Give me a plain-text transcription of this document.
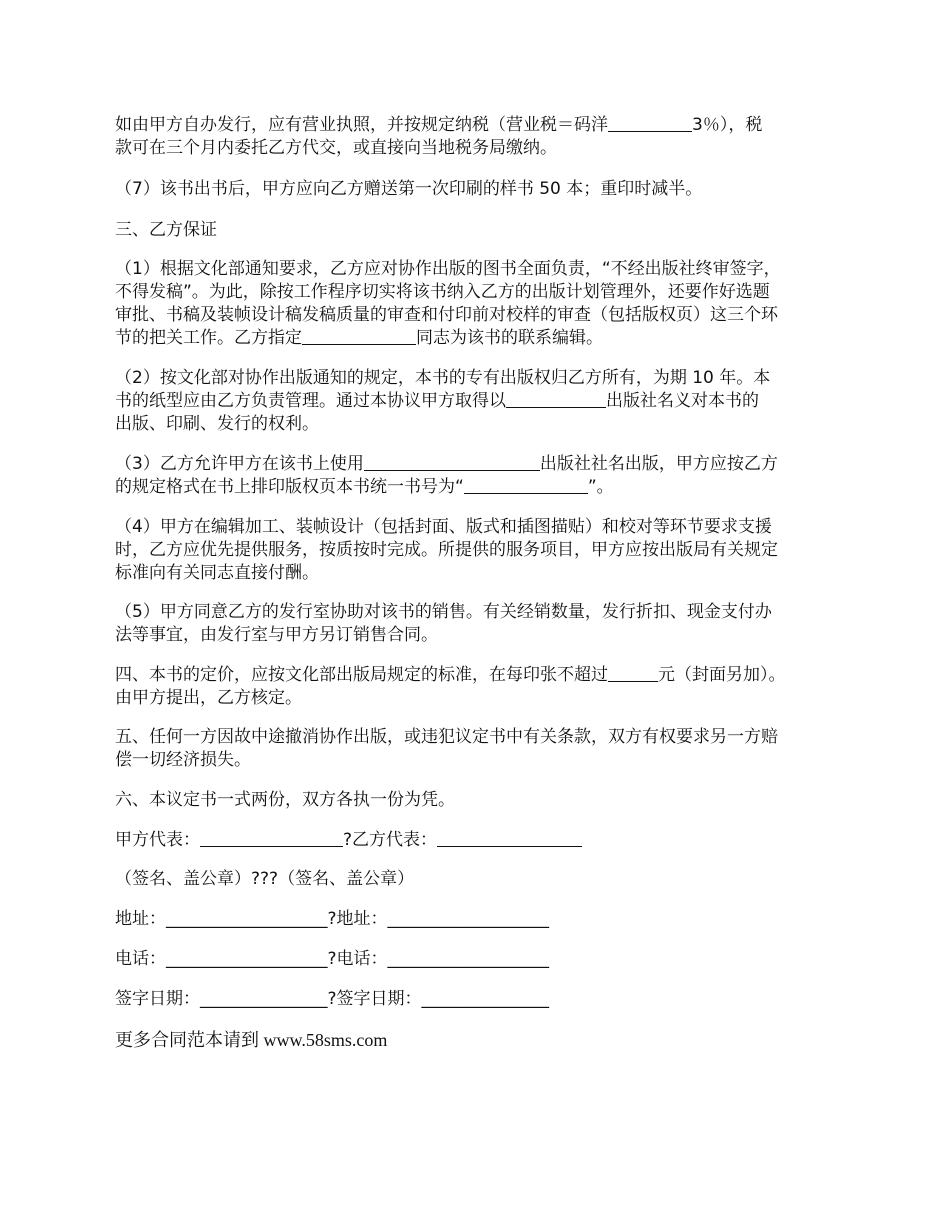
如由甲方自办发行，应有营业执照，并按规定纳税（营业税＝码洋	3％），税
款可在三个月内委托乙方代交，或直接向当地税务局缴纳。
（7）该书出书后，甲方应向乙方赠送第一次印刷的样书 50 本；重印时减半。
三、乙方保证
（1）根据文化部通知要求，乙方应对协作出版的图书全面负责，“不经出版社终审签字，
不得发稿”。为此，除按工作程序切实将该书纳入乙方的出版计划管理外，还要作好选题
审批、书稿及装帧设计稿发稿质量的审查和付印前对校样的审查（包括版权页）这三个环
节的把关工作。乙方指定	同志为该书的联系编辑。
（2）按文化部对协作出版通知的规定，本书的专有出版权归乙方所有，为期 10 年。本
书的纸型应由乙方负责管理。通过本协议甲方取得以	出版社名义对本书的
出版、印刷、发行的权利。
（3）乙方允许甲方在该书上使用	出版社社名出版，甲方应按乙方
的规定格式在书上排印版权页本书统一书号为“	”。
（4）甲方在编辑加工、装帧设计（包括封面、版式和插图描贴）和校对等环节要求支援
时，乙方应优先提供服务，按质按时完成。所提供的服务项目，甲方应按出版局有关规定
标准向有关同志直接付酬。
（5）甲方同意乙方的发行室协助对该书的销售。有关经销数量，发行折扣、现金支付办
法等事宜，由发行室与甲方另订销售合同。
四、本书的定价，应按文化部出版局规定的标准，在每印张不超过	元（封面另加）。
由甲方提出，乙方核定。
五、任何一方因故中途撤消协作出版，或违犯议定书中有关条款，双方有权要求另一方赔
偿一切经济损失。
六、本议定书一式两份，双方各执一份为凭。
甲方代表：	?乙方代表：
（签名、盖公章）???（签名、盖公章）
地址：___________________?地址：___________________
电话：___________________?电话：___________________
签字日期：_______________?签字日期：_______________
更多合同范本请到 www.58sms.com
